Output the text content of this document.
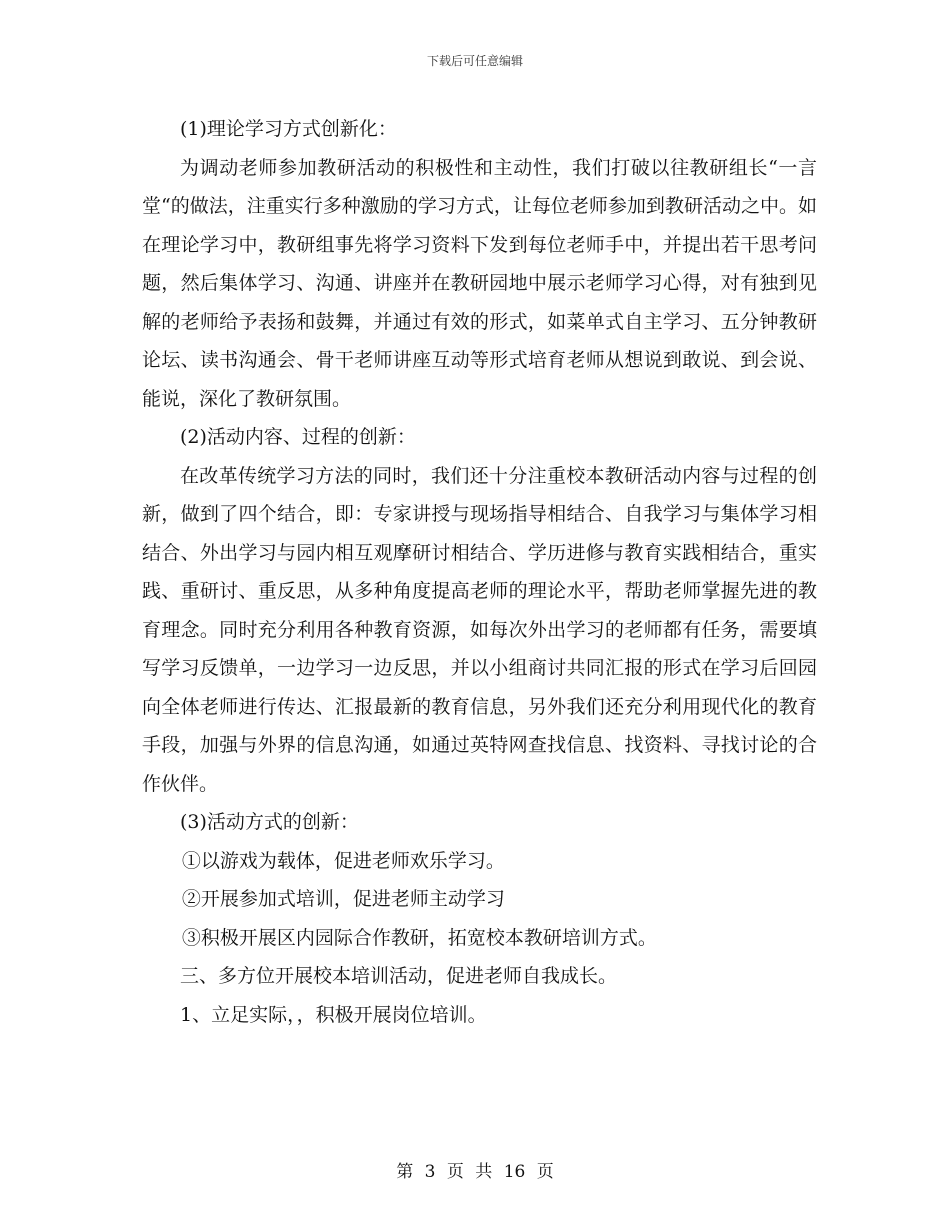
下载后可任意编辑

(1)理论学习方式创新化：

为调动老师参加教研活动的积极性和主动性，我们打破以往教研组长“一言堂“的做法，注重实行多种激励的学习方式，让每位老师参加到教研活动之中。如在理论学习中，教研组事先将学习资料下发到每位老师手中，并提出若干思考问题，然后集体学习、沟通、讲座并在教研园地中展示老师学习心得，对有独到见解的老师给予表扬和鼓舞，并通过有效的形式，如菜单式自主学习、五分钟教研论坛、读书沟通会、骨干老师讲座互动等形式培育老师从想说到敢说、到会说、能说，深化了教研氛围。

(2)活动内容、过程的创新：

在改革传统学习方法的同时，我们还十分注重校本教研活动内容与过程的创新，做到了四个结合，即：专家讲授与现场指导相结合、自我学习与集体学习相结合、外出学习与园内相互观摩研讨相结合、学历进修与教育实践相结合，重实践、重研讨、重反思，从多种角度提高老师的理论水平，帮助老师掌握先进的教育理念。同时充分利用各种教育资源，如每次外出学习的老师都有任务，需要填写学习反馈单，一边学习一边反思，并以小组商讨共同汇报的形式在学习后回园向全体老师进行传达、汇报最新的教育信息，另外我们还充分利用现代化的教育手段，加强与外界的信息沟通，如通过英特网查找信息、找资料、寻找讨论的合作伙伴。

(3)活动方式的创新：

①以游戏为载体，促进老师欢乐学习。

②开展参加式培训，促进老师主动学习

③积极开展区内园际合作教研，拓宽校本教研培训方式。

三、多方位开展校本培训活动，促进老师自我成长。

1、立足实际，，积极开展岗位培训。

第 3 页 共 16 页
